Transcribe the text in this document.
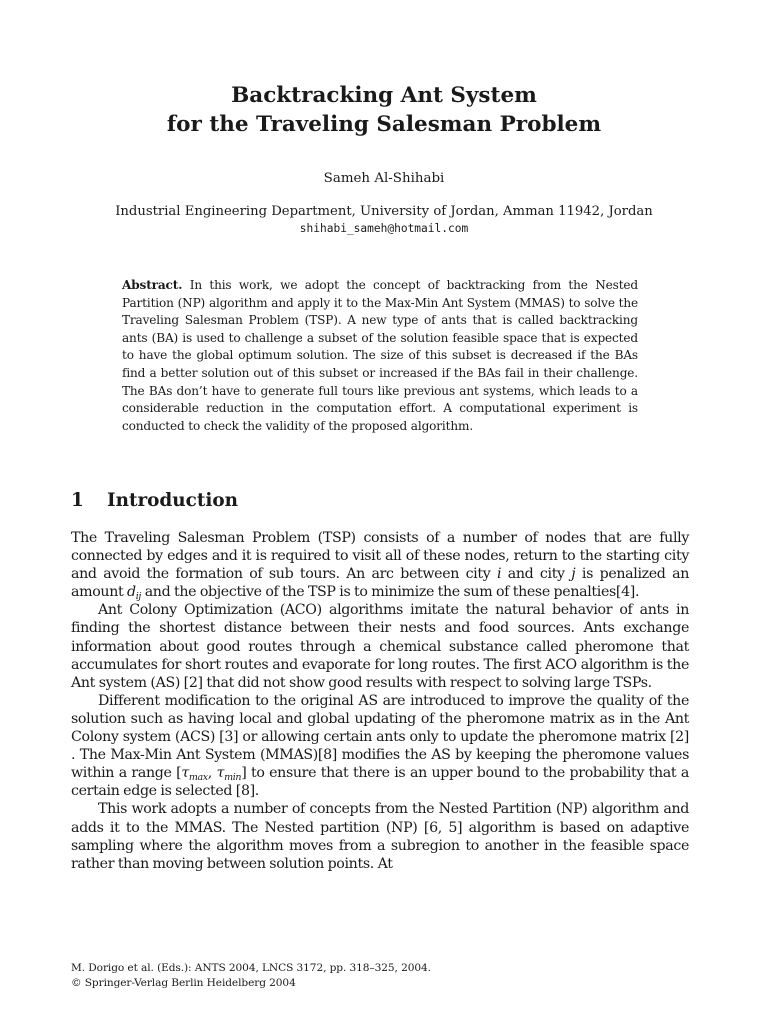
Backtracking Ant System
for the Traveling Salesman Problem
Sameh Al-Shihabi
Industrial Engineering Department, University of Jordan, Amman 11942, Jordan
shihabi_sameh@hotmail.com
Abstract. In this work, we adopt the concept of backtracking from the Nested Partition (NP) algorithm and apply it to the Max-Min Ant System (MMAS) to solve the Traveling Salesman Problem (TSP). A new type of ants that is called backtracking ants (BA) is used to challenge a subset of the solution feasible space that is expected to have the global optimum solution. The size of this subset is decreased if the BAs find a better solution out of this subset or increased if the BAs fail in their challenge. The BAs don’t have to generate full tours like previous ant systems, which leads to a considerable reduction in the computation effort. A computational experiment is conducted to check the validity of the proposed algorithm.
1 Introduction

The Traveling Salesman Problem (TSP) consists of a number of nodes that are fully connected by edges and it is required to visit all of these nodes, return to the starting city and avoid the formation of sub tours. An arc between city i and city j is penalized an amount $d_{ij}$ and the objective of the TSP is to minimize the sum of these penalties[4].

Ant Colony Optimization (ACO) algorithms imitate the natural behavior of ants in finding the shortest distance between their nests and food sources. Ants exchange information about good routes through a chemical substance called pheromone that accumulates for short routes and evaporate for long routes. The first ACO algorithm is the Ant system (AS) [2] that did not show good results with respect to solving large TSPs.

Different modification to the original AS are introduced to improve the quality of the solution such as having local and global updating of the pheromone matrix as in the Ant Colony system (ACS) [3] or allowing certain ants only to update the pheromone matrix [2] . The Max-Min Ant System (MMAS)[8] modifies the AS by keeping the pheromone values within a range [$\tau_{max}$, $\tau_{min}$] to ensure that there is an upper bound to the probability that a certain edge is selected [8].

This work adopts a number of concepts from the Nested Partition (NP) algorithm and adds it to the MMAS. The Nested partition (NP) [6, 5] algorithm is based on adaptive sampling where the algorithm moves from a subregion to another in the feasible space rather than moving between solution points. At

M. Dorigo et al. (Eds.): ANTS 2004, LNCS 3172, pp. 318–325, 2004.
© Springer-Verlag Berlin Heidelberg 2004
